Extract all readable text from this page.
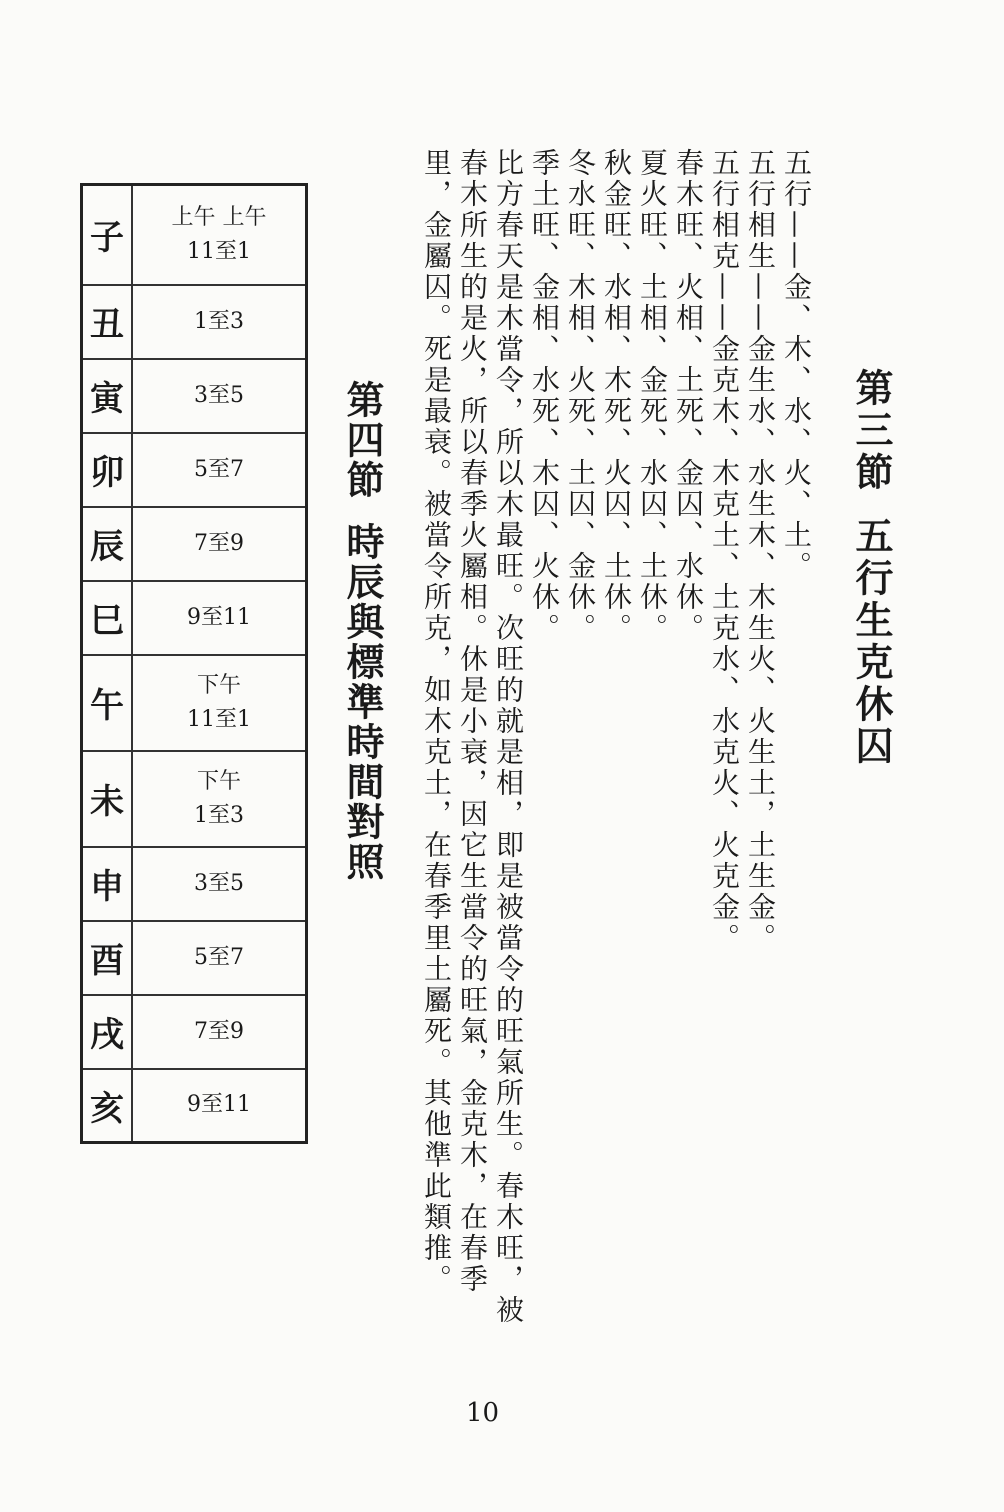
第三節五行生克休囚

五行——金、木、水、火、土。

五行相生——金生水、水生木、木生火、火生土，土生金。

五行相克——金克木、木克土、土克水、水克火、火克金。

春木旺、火相、土死、金囚、水休。

夏火旺、土相、金死、水囚、土休。

秋金旺、水相、木死、火囚、土休。

冬水旺、木相、火死、土囚、金休。

季土旺、金相、水死、木囚、火休。

比方春天是木當令，所以木最旺。次旺的就是相，即是被當令的旺氣所生。春木旺，被春木所生的是火，所以春季火屬相。休是小衰，因它生當令的旺氣，金克木，在春季里，金屬囚。死是最衰。被當令所克，如木克土，在春季里土屬死。其他準此類推。

第四節時辰與標準時間對照
子	上午 上午
11至1
丑	1至3
寅	3至5
卯	5至7
辰	7至9
巳	9至11
午	下午
11至1
未	下午
1至3
申	3至5
酉	5至7
戌	7至9
亥	9至11
10
